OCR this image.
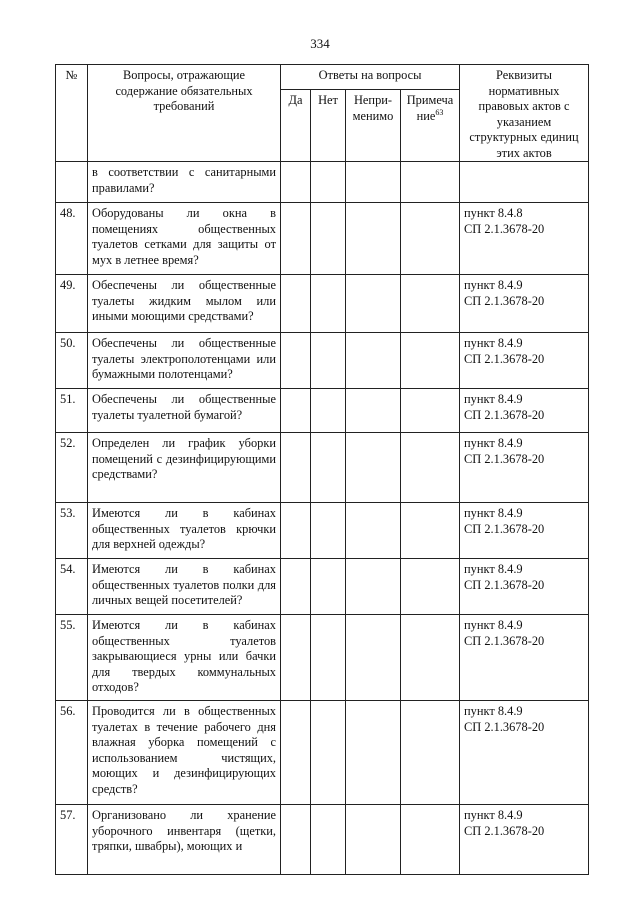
334
№	Вопросы, отражающие содержание обязательных требований	Ответы на вопросы				Реквизиты нормативных правовых актов с указанием структурных единиц этих актов
		Да	Нет	Непри-менимо	Примеча ние$^{63}$
	в соответствии с санитарными правилами?					

48.	Оборудованы ли окна в помещениях общественных туалетов сетками для защиты от мух в летнее время?					пункт 8.4.8
СП 2.1.3678-20

49.	Обеспечены ли общественные туалеты жидким мылом или иными моющими средствами?					пункт 8.4.9
СП 2.1.3678-20

50.	Обеспечены ли общественные туалеты электрополотенцами или бумажными полотенцами?					пункт 8.4.9
СП 2.1.3678-20

51.	Обеспечены ли общественные туалеты туалетной бумагой?					пункт 8.4.9
СП 2.1.3678-20

52.	Определен ли график уборки помещений с дезинфицирующими средствами?					пункт 8.4.9
СП 2.1.3678-20

53.	Имеются ли в кабинах общественных туалетов крючки для верхней одежды?					пункт 8.4.9
СП 2.1.3678-20

54.	Имеются ли в кабинах общественных туалетов полки для личных вещей посетителей?					пункт 8.4.9
СП 2.1.3678-20

55.	Имеются ли в кабинах общественных туалетов закрывающиеся урны или бачки для твердых коммунальных отходов?					пункт 8.4.9
СП 2.1.3678-20

56.	Проводится ли в общественных туалетах в течение рабочего дня влажная уборка помещений с использованием чистящих, моющих и дезинфицирующих средств?					пункт 8.4.9
СП 2.1.3678-20

57.	Организовано ли хранение уборочного инвентаря (щетки, тряпки, швабры), моющих и					пункт 8.4.9
СП 2.1.3678-20
